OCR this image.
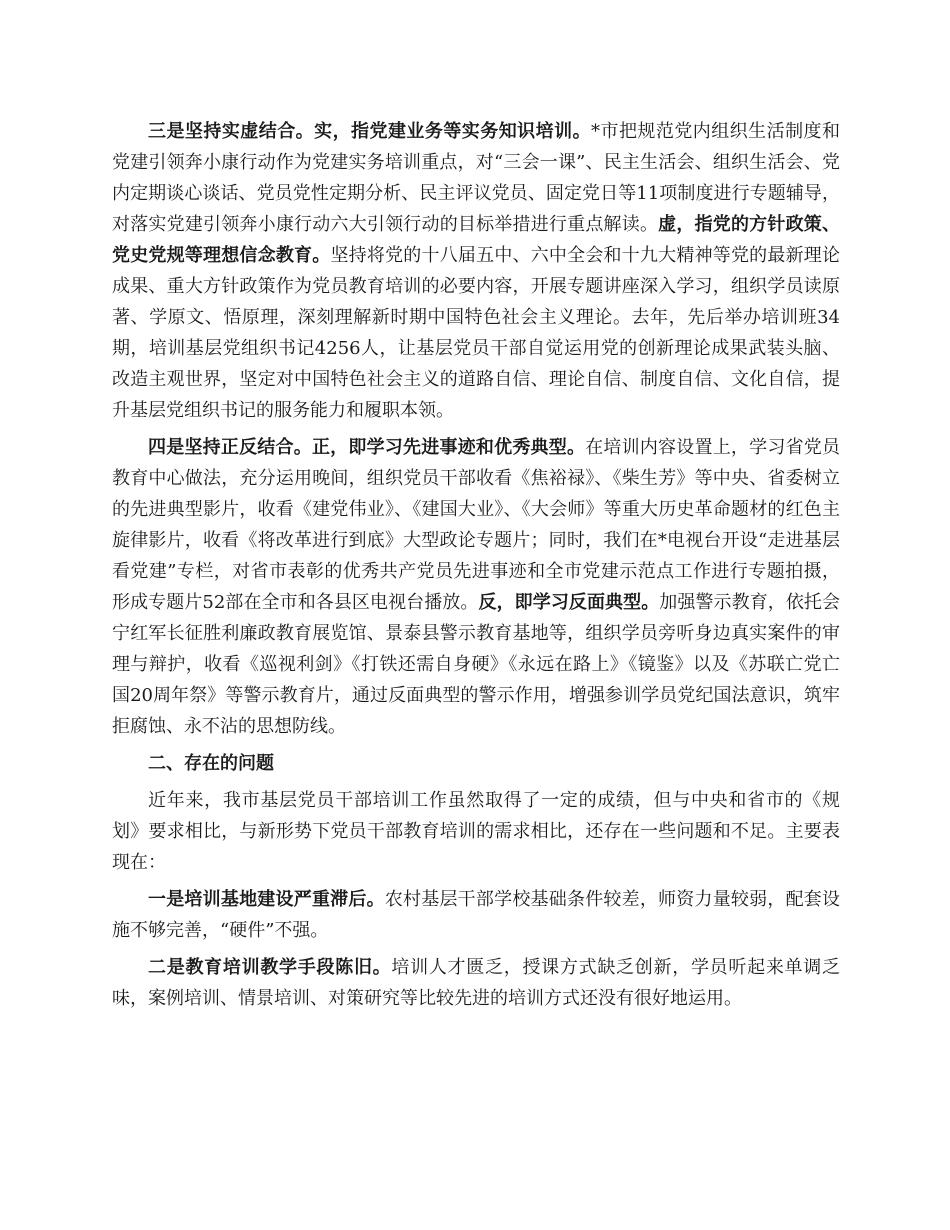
三是坚持实虚结合。实，指党建业务等实务知识培训。*市把规范党内组织生活制度和党建引领奔小康行动作为党建实务培训重点，对“三会一课”、民主生活会、组织生活会、党内定期谈心谈话、党员党性定期分析、民主评议党员、固定党日等11项制度进行专题辅导，对落实党建引领奔小康行动六大引领行动的目标举措进行重点解读。虚，指党的方针政策、党史党规等理想信念教育。坚持将党的十八届五中、六中全会和十九大精神等党的最新理论成果、重大方针政策作为党员教育培训的必要内容，开展专题讲座深入学习，组织学员读原著、学原文、悟原理，深刻理解新时期中国特色社会主义理论。去年，先后举办培训班34期，培训基层党组织书记4256人，让基层党员干部自觉运用党的创新理论成果武装头脑、改造主观世界，坚定对中国特色社会主义的道路自信、理论自信、制度自信、文化自信，提升基层党组织书记的服务能力和履职本领。

四是坚持正反结合。正，即学习先进事迹和优秀典型。在培训内容设置上，学习省党员教育中心做法，充分运用晚间，组织党员干部收看《焦裕禄》、《柴生芳》等中央、省委树立的先进典型影片，收看《建党伟业》、《建国大业》、《大会师》等重大历史革命题材的红色主旋律影片，收看《将改革进行到底》大型政论专题片；同时，我们在*电视台开设“走进基层看党建”专栏，对省市表彰的优秀共产党员先进事迹和全市党建示范点工作进行专题拍摄，形成专题片52部在全市和各县区电视台播放。反，即学习反面典型。加强警示教育，依托会宁红军长征胜利廉政教育展览馆、景泰县警示教育基地等，组织学员旁听身边真实案件的审理与辩护，收看《巡视利剑》《打铁还需自身硬》《永远在路上》《镜鉴》以及《苏联亡党亡国20周年祭》等警示教育片，通过反面典型的警示作用，增强参训学员党纪国法意识，筑牢拒腐蚀、永不沾的思想防线。

二、存在的问题

近年来，我市基层党员干部培训工作虽然取得了一定的成绩，但与中央和省市的《规划》要求相比，与新形势下党员干部教育培训的需求相比，还存在一些问题和不足。主要表现在：

一是培训基地建设严重滞后。农村基层干部学校基础条件较差，师资力量较弱，配套设施不够完善，“硬件”不强。

二是教育培训教学手段陈旧。培训人才匮乏，授课方式缺乏创新，学员听起来单调乏味，案例培训、情景培训、对策研究等比较先进的培训方式还没有很好地运用。
